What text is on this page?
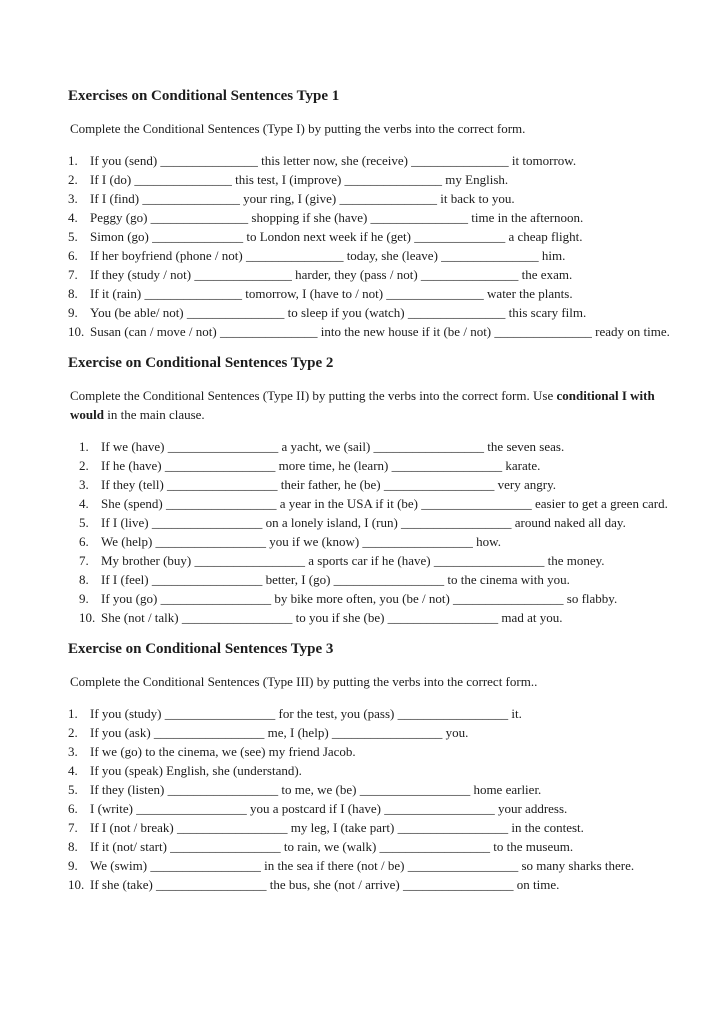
Exercises on Conditional Sentences Type 1

Complete the Conditional Sentences (Type I) by putting the verbs into the correct form.

If you (send) _______________ this letter now, she (receive) _______________ it tomorrow.
If I (do) _______________ this test, I (improve) _______________ my English.
If I (find) _______________ your ring, I (give) _______________ it back to you.
Peggy (go) _______________ shopping if she (have) _______________ time in the afternoon.
Simon (go) ______________ to London next week if he (get) ______________ a cheap flight.
If her boyfriend (phone / not) _______________ today, she (leave) _______________ him.
If they (study / not) _______________ harder, they (pass / not) _______________ the exam.
If it (rain) _______________ tomorrow, I (have to / not) _______________ water the plants.
You (be able/ not) _______________ to sleep if you (watch) _______________ this scary film.
Susan (can / move / not) _______________ into the new house if it (be / not) _______________ ready on time.
Exercise on Conditional Sentences Type 2

Complete the Conditional Sentences (Type II) by putting the verbs into the correct form. Use conditional I with would in the main clause.

If we (have) _________________ a yacht, we (sail) _________________ the seven seas.
If he (have) _________________ more time, he (learn) _________________ karate.
If they (tell) _________________ their father, he (be) _________________ very angry.
She (spend) _________________ a year in the USA if it (be) _________________ easier to get a green card.
If I (live) _________________ on a lonely island, I (run) _________________ around naked all day.
We (help) _________________ you if we (know) _________________ how.
My brother (buy) _________________ a sports car if he (have) _________________ the money.
If I (feel) _________________ better, I (go) _________________ to the cinema with you.
If you (go) _________________ by bike more often, you (be / not) _________________ so flabby.
She (not / talk) _________________ to you if she (be) _________________ mad at you.
Exercise on Conditional Sentences Type 3

Complete the Conditional Sentences (Type III) by putting the verbs into the correct form..

If you (study) _________________ for the test, you (pass) _________________ it.
If you (ask) _________________ me, I (help) _________________ you.
If we (go) to the cinema, we (see) my friend Jacob.
If you (speak) English, she (understand).
If they (listen) _________________ to me, we (be) _________________ home earlier.
I (write) _________________ you a postcard if I (have) _________________ your address.
If I (not / break) _________________ my leg, I (take part) _________________ in the contest.
If it (not/ start) _________________ to rain, we (walk) _________________ to the museum.
We (swim) _________________ in the sea if there (not / be) _________________ so many sharks there.
If she (take) _________________ the bus, she (not / arrive) _________________ on time.
